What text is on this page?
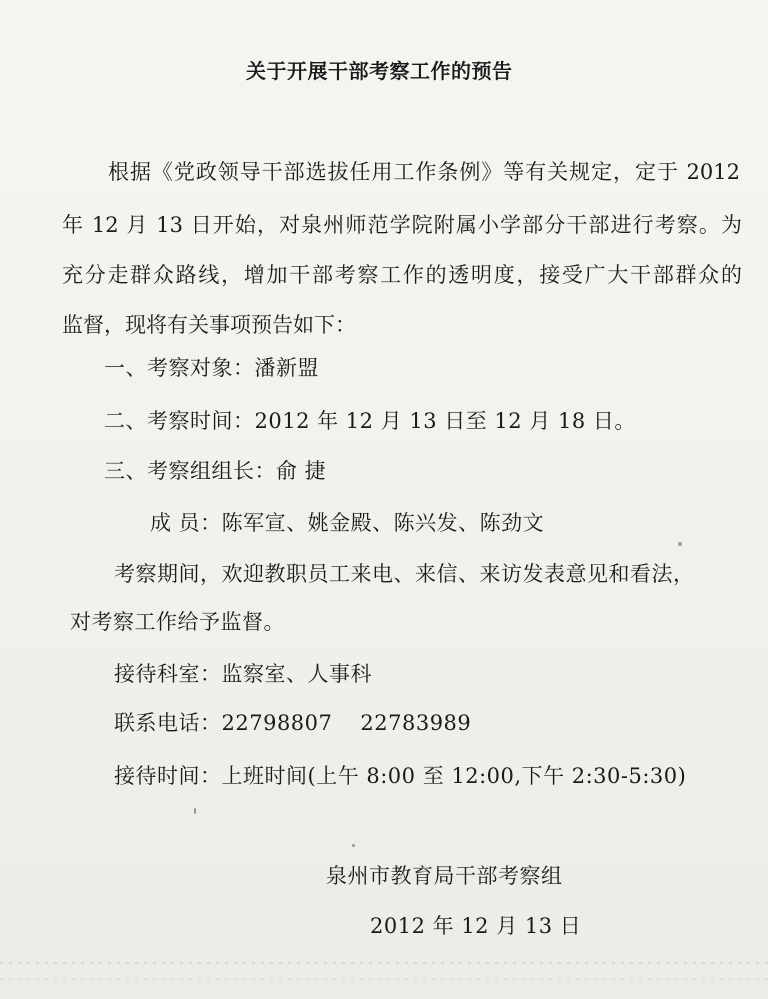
关于开展干部考察工作的预告
根据《党政领导干部选拔任用工作条例》等有关规定，定于 2012
年 12 月 13 日开始，对泉州师范学院附属小学部分干部进行考察。为
充分走群众路线，增加干部考察工作的透明度，接受广大干部群众的
监督，现将有关事项预告如下：
一、考察对象：潘新盟
二、考察时间：2012 年 12 月 13 日至 12 月 18 日。
三、考察组组长：俞 捷
成 员：陈军宣、姚金殿、陈兴发、陈劲文
考察期间，欢迎教职员工来电、来信、来访发表意见和看法，
对考察工作给予监督。
接待科室：监察室、人事科
联系电话：22798807 22783989
接待时间：上班时间(上午 8:00 至 12:00,下午 2:30-5:30)
泉州市教育局干部考察组
2012 年 12 月 13 日
